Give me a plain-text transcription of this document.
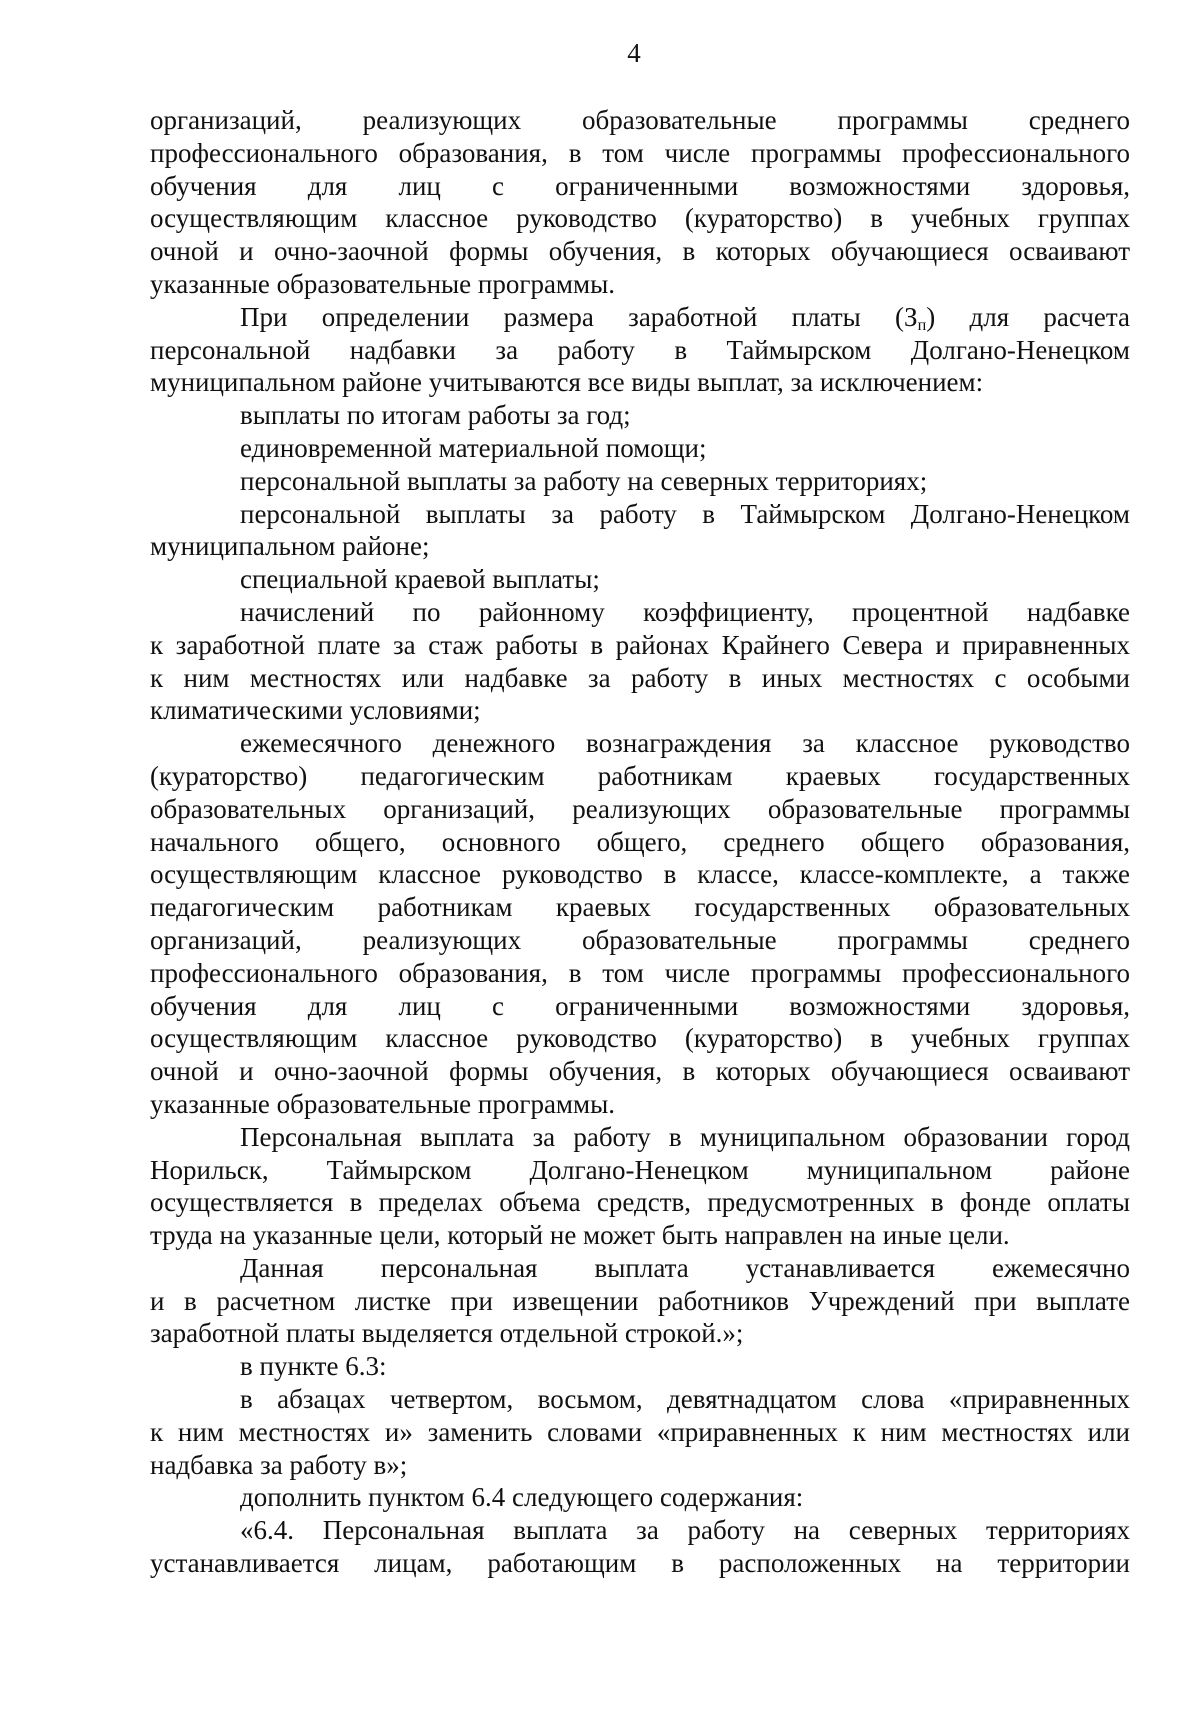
4
организаций, реализующих образовательные программы среднего
профессионального образования, в том числе программы профессионального
обучения для лиц с ограниченными возможностями здоровья,
осуществляющим классное руководство (кураторство) в учебных группах
очной и очно-заочной формы обучения, в которых обучающиеся осваивают
указанные образовательные программы.
При определении размера заработной платы $(З_п)$ для расчета
персональной надбавки за работу в Таймырском Долгано-Ненецком
муниципальном районе учитываются все виды выплат, за исключением:
выплаты по итогам работы за год;
единовременной материальной помощи;
персональной выплаты за работу на северных территориях;
персональной выплаты за работу в Таймырском Долгано-Ненецком
муниципальном районе;
специальной краевой выплаты;
начислений по районному коэффициенту, процентной надбавке
к заработной плате за стаж работы в районах Крайнего Севера и приравненных
к ним местностях или надбавке за работу в иных местностях с особыми
климатическими условиями;
ежемесячного денежного вознаграждения за классное руководство
(кураторство) педагогическим работникам краевых государственных
образовательных организаций, реализующих образовательные программы
начального общего, основного общего, среднего общего образования,
осуществляющим классное руководство в классе, классе-комплекте, а также
педагогическим работникам краевых государственных образовательных
организаций, реализующих образовательные программы среднего
профессионального образования, в том числе программы профессионального
обучения для лиц с ограниченными возможностями здоровья,
осуществляющим классное руководство (кураторство) в учебных группах
очной и очно-заочной формы обучения, в которых обучающиеся осваивают
указанные образовательные программы.
Персональная выплата за работу в муниципальном образовании город
Норильск, Таймырском Долгано-Ненецком муниципальном районе
осуществляется в пределах объема средств, предусмотренных в фонде оплаты
труда на указанные цели, который не может быть направлен на иные цели.
Данная персональная выплата устанавливается ежемесячно
и в расчетном листке при извещении работников Учреждений при выплате
заработной платы выделяется отдельной строкой.»;
в пункте 6.3:
в абзацах четвертом, восьмом, девятнадцатом слова «приравненных
к ним местностях и» заменить словами «приравненных к ним местностях или
надбавка за работу в»;
дополнить пунктом 6.4 следующего содержания:
«6.4. Персональная выплата за работу на северных территориях
устанавливается лицам, работающим в расположенных на территории
